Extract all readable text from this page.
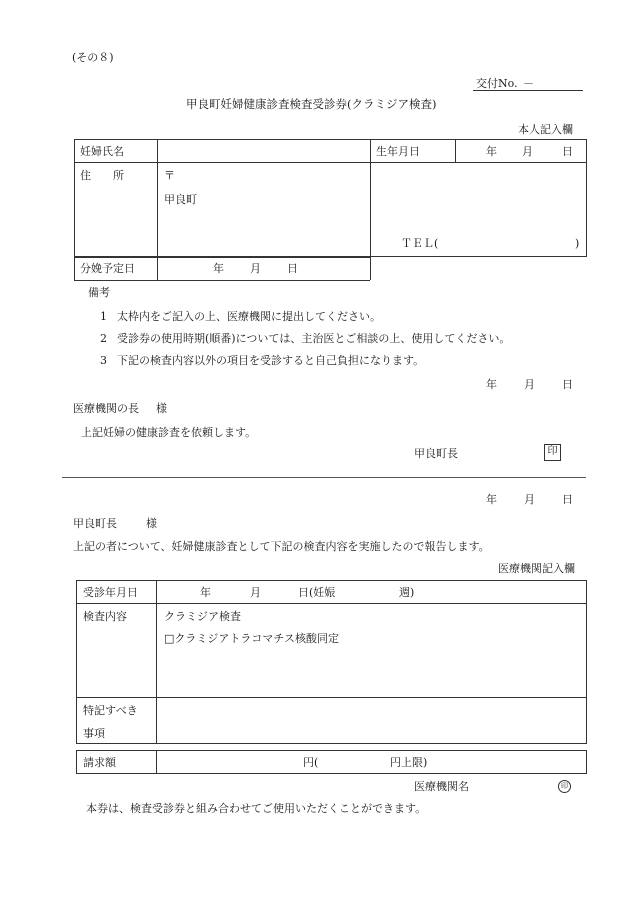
(その８)
交付No. －
甲良町妊婦健康診査検査受診券(クラミジア検査)
本人記入欄
妊婦氏名	生年月日	年 月	日
住　　所	〒
甲良町
ＴＥＬ(	)
分娩予定日	年 月 日
備考
1 太枠内をご記入の上、医療機関に提出してください。
2 受診券の使用時期(順番)については、主治医とご相談の上、使用してください。
3 下記の検査内容以外の項目を受診すると自己負担になります。
年 月 日
医療機関の長 様
上記妊婦の健康診査を依頼します。
甲良町長	印
年 月 日
甲良町長	様
上記の者について、妊婦健康診査として下記の検査内容を実施したので報告します。
医療機関記入欄
受診年月日	年	月	日(妊娠	週)
検査内容	クラミジア検査
□クラミジアトラコマチス核酸同定
特記すべき
事項
請求額	円(	円上限)
医療機関名	印
本券は、検査受診券と組み合わせてご使用いただくことができます。
